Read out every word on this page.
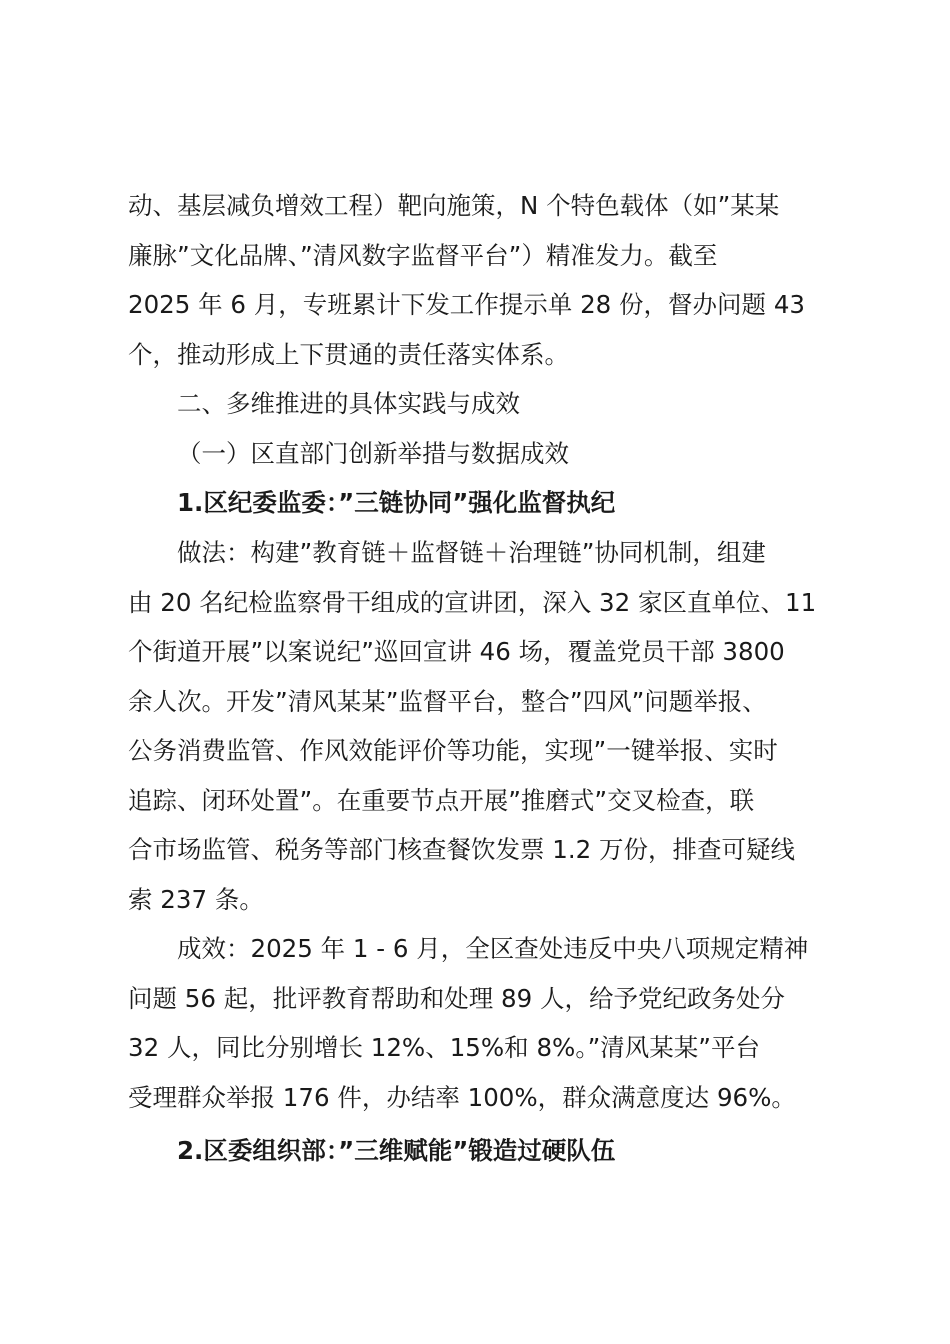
动、基层减负增效工程）靶向施策，N 个特色载体（如”某某
廉脉”文化品牌、”清风数字监督平台”）精准发力。截至
2025 年 6 月，专班累计下发工作提示单 28 份，督办问题 43
个，推动形成上下贯通的责任落实体系。
二、多维推进的具体实践与成效
（一）区直部门创新举措与数据成效
1.区纪委监委：”三链协同”强化监督执纪
做法：构建”教育链＋监督链＋治理链”协同机制，组建
由 20 名纪检监察骨干组成的宣讲团，深入 32 家区直单位、11
个街道开展”以案说纪”巡回宣讲 46 场，覆盖党员干部 3800
余人次。开发”清风某某”监督平台，整合”四风”问题举报、
公务消费监管、作风效能评价等功能，实现”一键举报、实时
追踪、闭环处置”。在重要节点开展”推磨式”交叉检查，联
合市场监管、税务等部门核查餐饮发票 1.2 万份，排查可疑线
索 237 条。
成效：2025 年 1 - 6 月，全区查处违反中央八项规定精神
问题 56 起，批评教育帮助和处理 89 人，给予党纪政务处分
32 人，同比分别增长 12%、15%和 8%。”清风某某”平台
受理群众举报 176 件，办结率 100%，群众满意度达 96%。
2.区委组织部：”三维赋能”锻造过硬队伍
